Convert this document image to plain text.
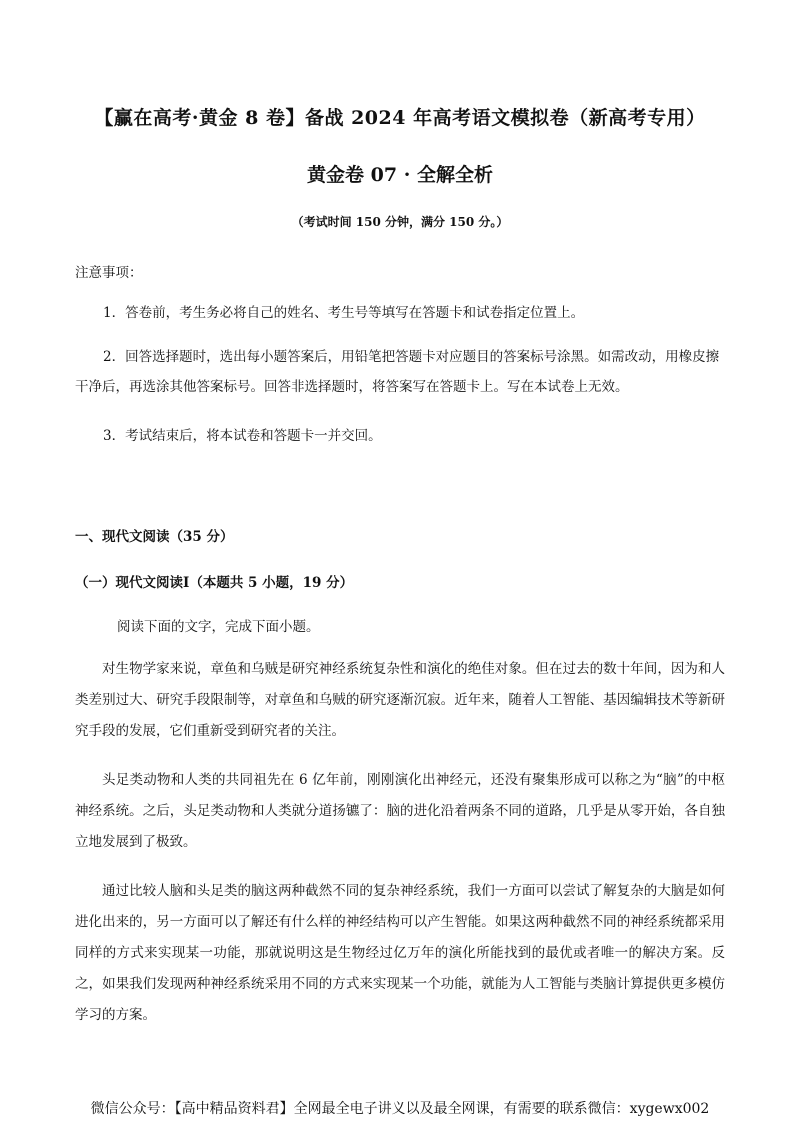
【赢在高考·黄金 8 卷】备战 2024 年高考语文模拟卷（新高考专用）
黄金卷 07 · 全解全析
（考试时间 150 分钟，满分 150 分。）
注意事项：
1．答卷前，考生务必将自己的姓名、考生号等填写在答题卡和试卷指定位置上。
2．回答选择题时，选出每小题答案后，用铅笔把答题卡对应题目的答案标号涂黑。如需改动，用橡皮擦干净后，再选涂其他答案标号。回答非选择题时，将答案写在答题卡上。写在本试卷上无效。
3．考试结束后，将本试卷和答题卡一并交回。
一、现代文阅读（35 分）
（一）现代文阅读Ⅰ（本题共 5 小题，19 分）
阅读下面的文字，完成下面小题。
对生物学家来说，章鱼和乌贼是研究神经系统复杂性和演化的绝佳对象。但在过去的数十年间，因为和人类差别过大、研究手段限制等，对章鱼和乌贼的研究逐渐沉寂。近年来，随着人工智能、基因编辑技术等新研究手段的发展，它们重新受到研究者的关注。
头足类动物和人类的共同祖先在 6 亿年前，刚刚演化出神经元，还没有聚集形成可以称之为“脑”的中枢神经系统。之后，头足类动物和人类就分道扬镳了：脑的进化沿着两条不同的道路，几乎是从零开始，各自独立地发展到了极致。
通过比较人脑和头足类的脑这两种截然不同的复杂神经系统，我们一方面可以尝试了解复杂的大脑是如何进化出来的，另一方面可以了解还有什么样的神经结构可以产生智能。如果这两种截然不同的神经系统都采用同样的方式来实现某一功能，那就说明这是生物经过亿万年的演化所能找到的最优或者唯一的解决方案。反之，如果我们发现两种神经系统采用不同的方式来实现某一个功能，就能为人工智能与类脑计算提供更多模仿学习的方案。
微信公众号：【高中精品资料君】全网最全电子讲义以及最全网课，有需要的联系微信：xygewx002
